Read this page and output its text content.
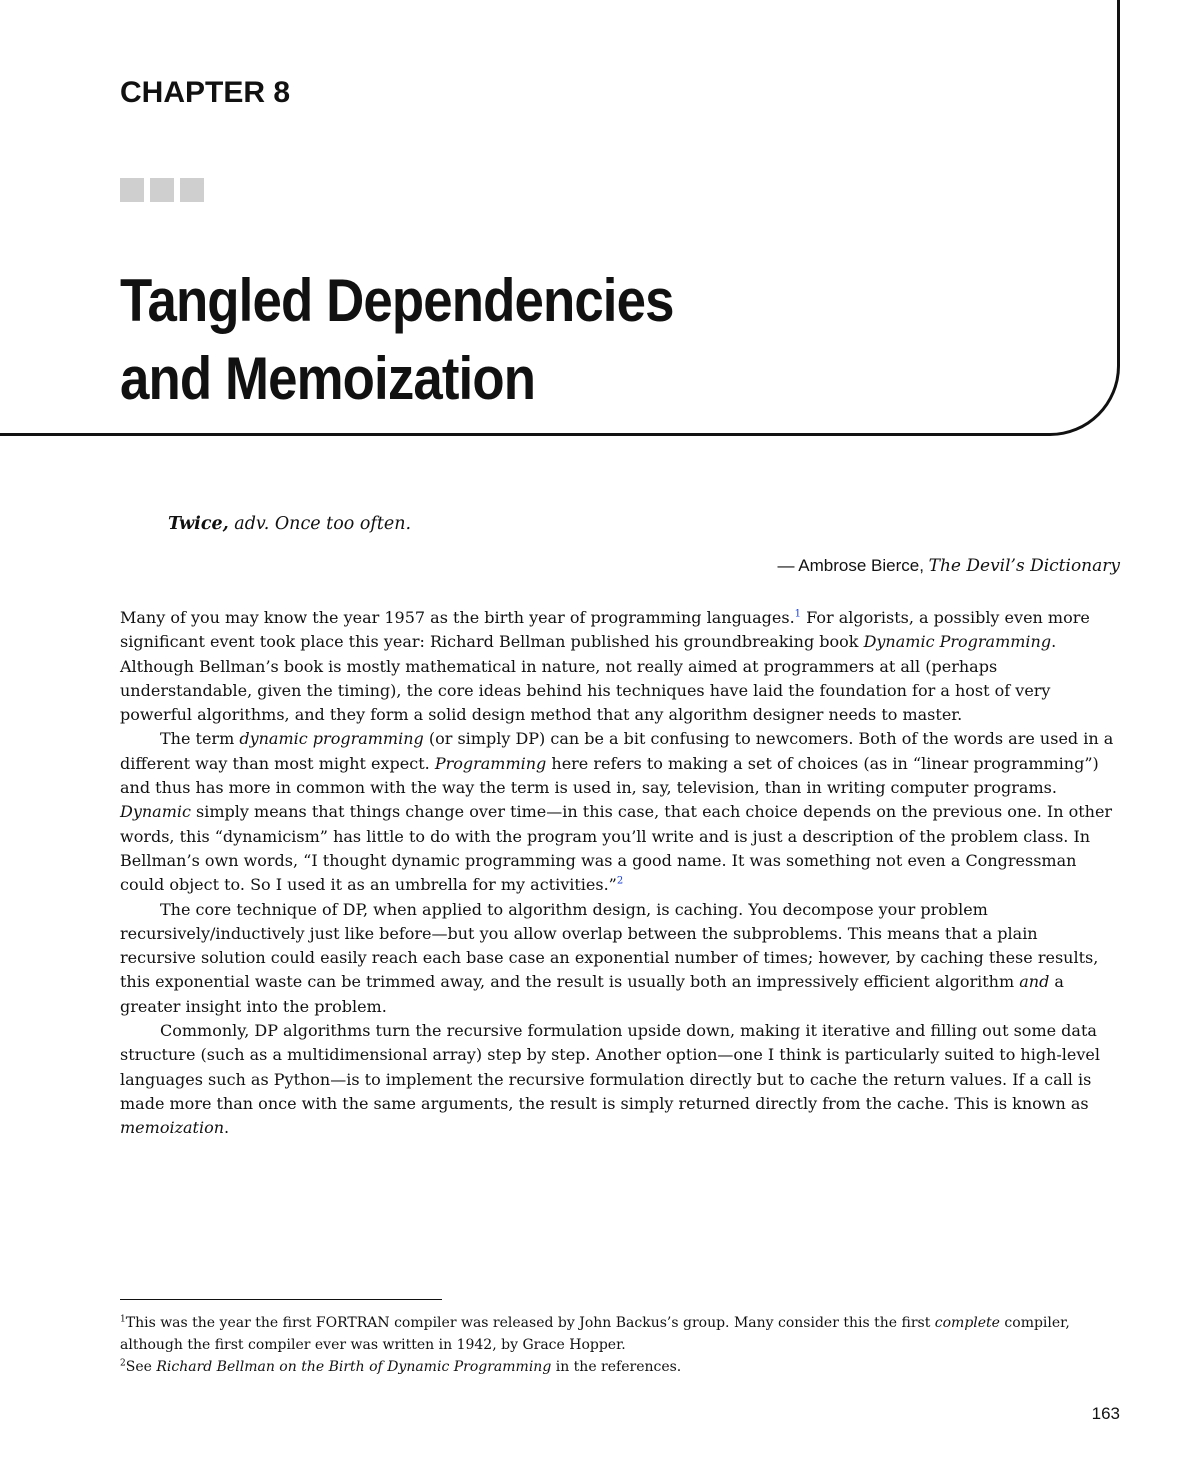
CHAPTER 8
Tangled Dependencies
and Memoization
Twice, adv. Once too often.
— Ambrose Bierce, The Devil’s Dictionary

Many of you may know the year 1957 as the birth year of programming languages.$^1$ For algorists, a possibly even more significant event took place this year: Richard Bellman published his groundbreaking book Dynamic Programming. Although Bellman’s book is mostly mathematical in nature, not really aimed at programmers at all (perhaps understandable, given the timing), the core ideas behind his techniques have laid the foundation for a host of very powerful algorithms, and they form a solid design method that any algorithm designer needs to master.

The term dynamic programming (or simply DP) can be a bit confusing to newcomers. Both of the words are used in a different way than most might expect. Programming here refers to making a set of choices (as in “linear programming”) and thus has more in common with the way the term is used in, say, television, than in writing computer programs. Dynamic simply means that things change over time—in this case, that each choice depends on the previous one. In other words, this “dynamicism” has little to do with the program you’ll write and is just a description of the problem class. In Bellman’s own words, “I thought dynamic programming was a good name. It was something not even a Congressman could object to. So I used it as an umbrella for my activities.”$^2$

The core technique of DP, when applied to algorithm design, is caching. You decompose your problem recursively/inductively just like before—but you allow overlap between the subproblems. This means that a plain recursive solution could easily reach each base case an exponential number of times; however, by caching these results, this exponential waste can be trimmed away, and the result is usually both an impressively efficient algorithm and a greater insight into the problem.

Commonly, DP algorithms turn the recursive formulation upside down, making it iterative and filling out some data structure (such as a multidimensional array) step by step. Another option—one I think is particularly suited to high-level languages such as Python—is to implement the recursive formulation directly but to cache the return values. If a call is made more than once with the same arguments, the result is simply returned directly from the cache. This is known as memoization.

$^1$This was the year the first FORTRAN compiler was released by John Backus’s group. Many consider this the first complete compiler, although the first compiler ever was written in 1942, by Grace Hopper.

$^2$See Richard Bellman on the Birth of Dynamic Programming in the references.

163
